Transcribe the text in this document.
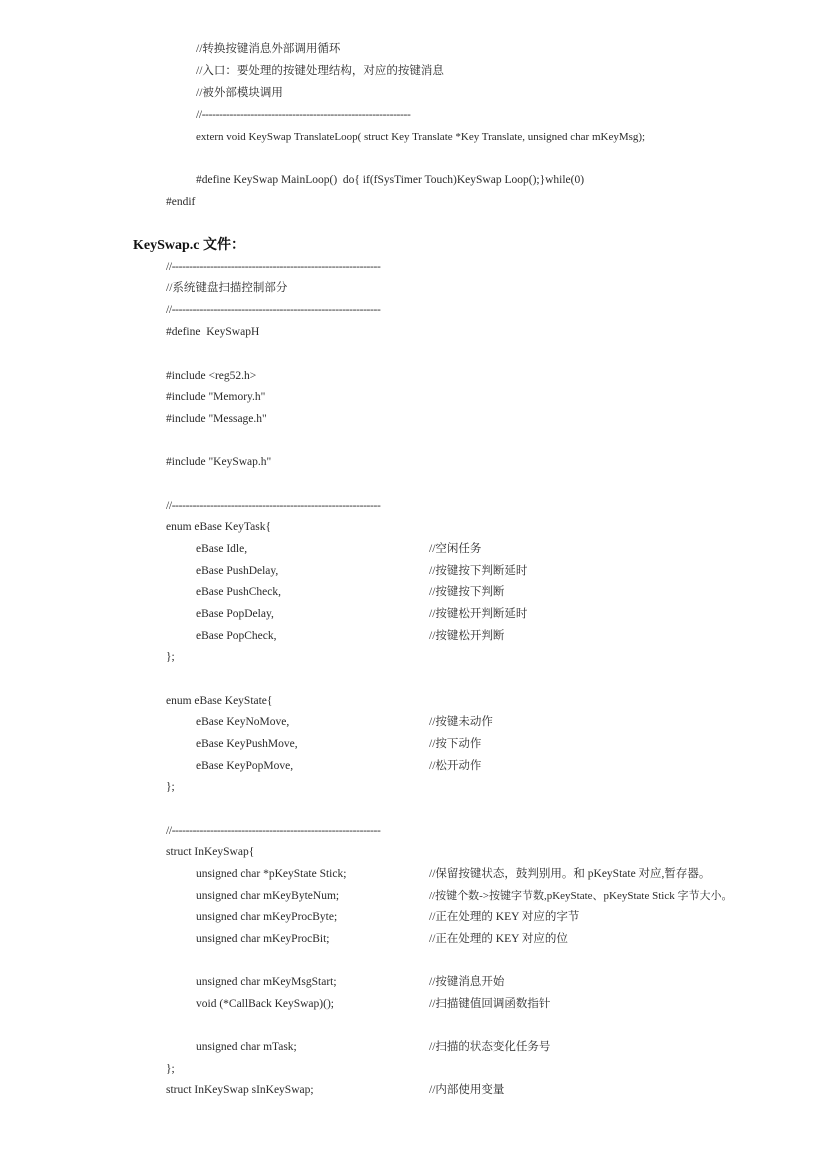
//转换按键消息外部调用循环
//入口：要处理的按键处理结构，对应的按键消息
//被外部模块调用
//------------------------------------------------------------
extern void KeySwap TranslateLoop( struct Key Translate *Key Translate, unsigned char mKeyMsg);
#define KeySwap MainLoop()  do{ if(fSysTimer Touch)KeySwap Loop();}while(0)
#endif
KeySwap.c 文件：
//------------------------------------------------------------
//系统键盘扫描控制部分
//------------------------------------------------------------
#define  KeySwapH
#include <reg52.h>
#include "Memory.h"
#include "Message.h"
#include "KeySwap.h"
//------------------------------------------------------------
enum eBase KeyTask{
eBase Idle,	//空闲任务
eBase PushDelay,	//按键按下判断延时
eBase PushCheck,	//按键按下判断
eBase PopDelay,	//按键松开判断延时
eBase PopCheck,	//按键松开判断
};
enum eBase KeyState{
eBase KeyNoMove,	//按键未动作
eBase KeyPushMove,	//按下动作
eBase KeyPopMove,	//松开动作
};
//------------------------------------------------------------
struct InKeySwap{
unsigned char *pKeyState Stick;	//保留按键状态，鼓判别用。和 pKeyState 对应,暂存器。
unsigned char mKeyByteNum;	//按键个数->按键字节数,pKeyState、pKeyState Stick 字节大小。
unsigned char mKeyProcByte;	//正在处理的 KEY 对应的字节
unsigned char mKeyProcBit;	//正在处理的 KEY 对应的位
unsigned char mKeyMsgStart;	//按键消息开始
void (*CallBack KeySwap)();	//扫描键值回调函数指针
unsigned char mTask;	//扫描的状态变化任务号
};
struct InKeySwap sInKeySwap;	//内部使用变量
